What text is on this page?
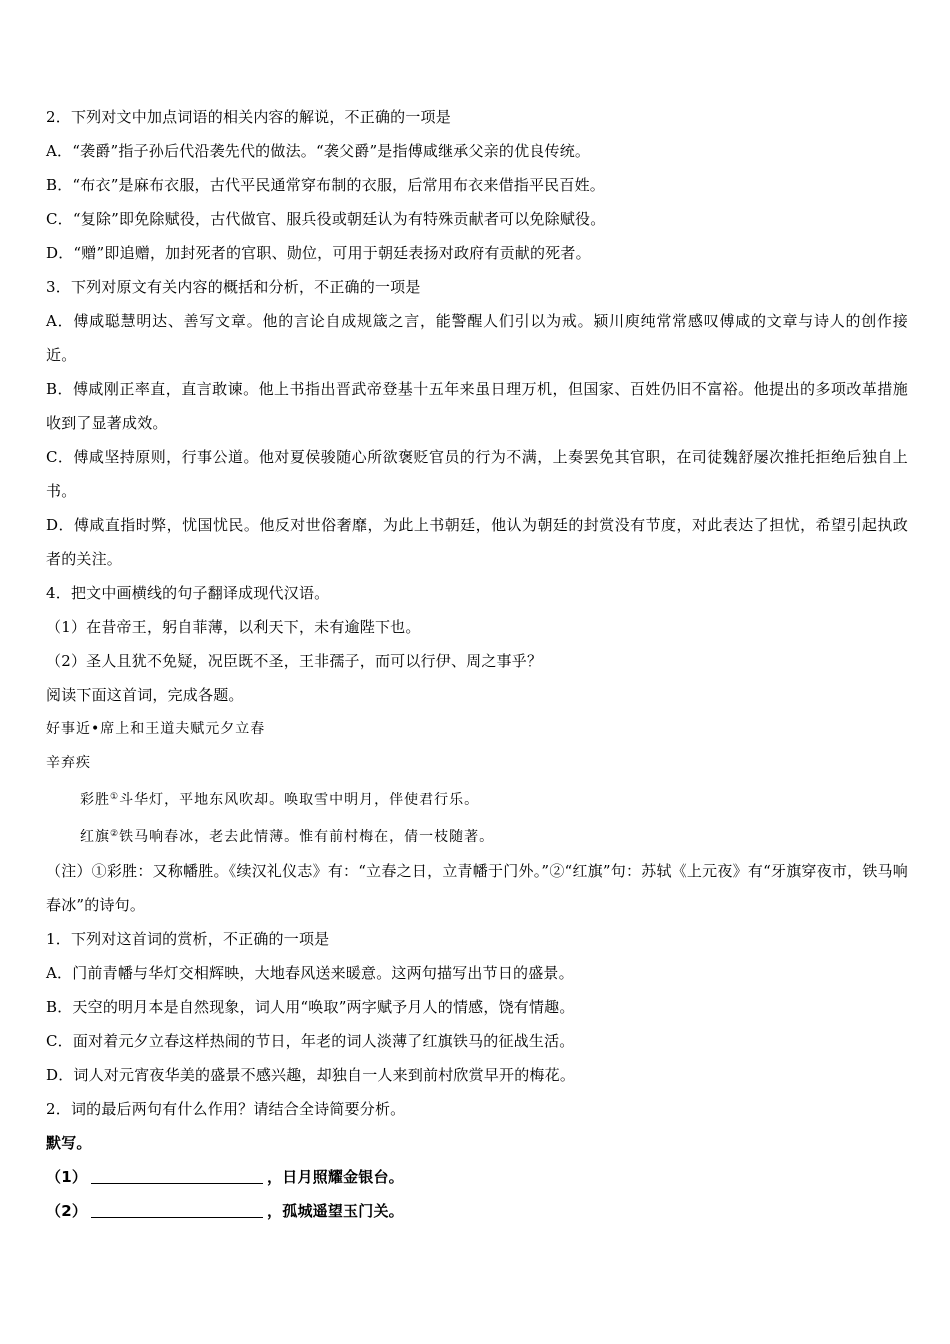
2．下列对文中加点词语的相关内容的解说，不正确的一项是
A．“袭爵”指子孙后代沿袭先代的做法。“袭父爵”是指傅咸继承父亲的优良传统。
B．“布衣”是麻布衣服，古代平民通常穿布制的衣服，后常用布衣来借指平民百姓。
C．“复除”即免除赋役，古代做官、服兵役或朝廷认为有特殊贡献者可以免除赋役。
D．“赠”即追赠，加封死者的官职、勋位，可用于朝廷表扬对政府有贡献的死者。
3．下列对原文有关内容的概括和分析，不正确的一项是
A．傅咸聪慧明达、善写文章。他的言论自成规箴之言，能警醒人们引以为戒。颍川庾纯常常感叹傅咸的文章与诗人的创作接近。
B．傅咸刚正率直，直言敢谏。他上书指出晋武帝登基十五年来虽日理万机，但国家、百姓仍旧不富裕。他提出的多项改革措施收到了显著成效。
C．傅咸坚持原则，行事公道。他对夏侯骏随心所欲褒贬官员的行为不满，上奏罢免其官职，在司徒魏舒屡次推托拒绝后独自上书。
D．傅咸直指时弊，忧国忧民。他反对世俗奢靡，为此上书朝廷，他认为朝廷的封赏没有节度，对此表达了担忧，希望引起执政者的关注。
4．把文中画横线的句子翻译成现代汉语。
（1）在昔帝王，躬自菲薄，以利天下，未有逾陛下也。
（2）圣人且犹不免疑，况臣既不圣，王非孺子，而可以行伊、周之事乎？
阅读下面这首词，完成各题。
好事近•席上和王道夫赋元夕立春
辛弃疾
彩胜①斗华灯，平地东风吹却。唤取雪中明月，伴使君行乐。
红旗②铁马响春冰，老去此情薄。惟有前村梅在，倩一枝随著。
（注）①彩胜：又称幡胜。《续汉礼仪志》有：“立春之日，立青幡于门外。”②“红旗”句：苏轼《上元夜》有“牙旗穿夜市，铁马响春冰”的诗句。
1．下列对这首词的赏析，不正确的一项是
A．门前青幡与华灯交相辉映，大地春风送来暖意。这两句描写出节日的盛景。
B．天空的明月本是自然现象，词人用“唤取”两字赋予月人的情感，饶有情趣。
C．面对着元夕立春这样热闹的节日，年老的词人淡薄了红旗铁马的征战生活。
D．词人对元宵夜华美的盛景不感兴趣，却独自一人来到前村欣赏早开的梅花。
2．词的最后两句有什么作用？请结合全诗简要分析。
默写。
（1）	，日月照耀金银台。
（2）	，孤城遥望玉门关。
